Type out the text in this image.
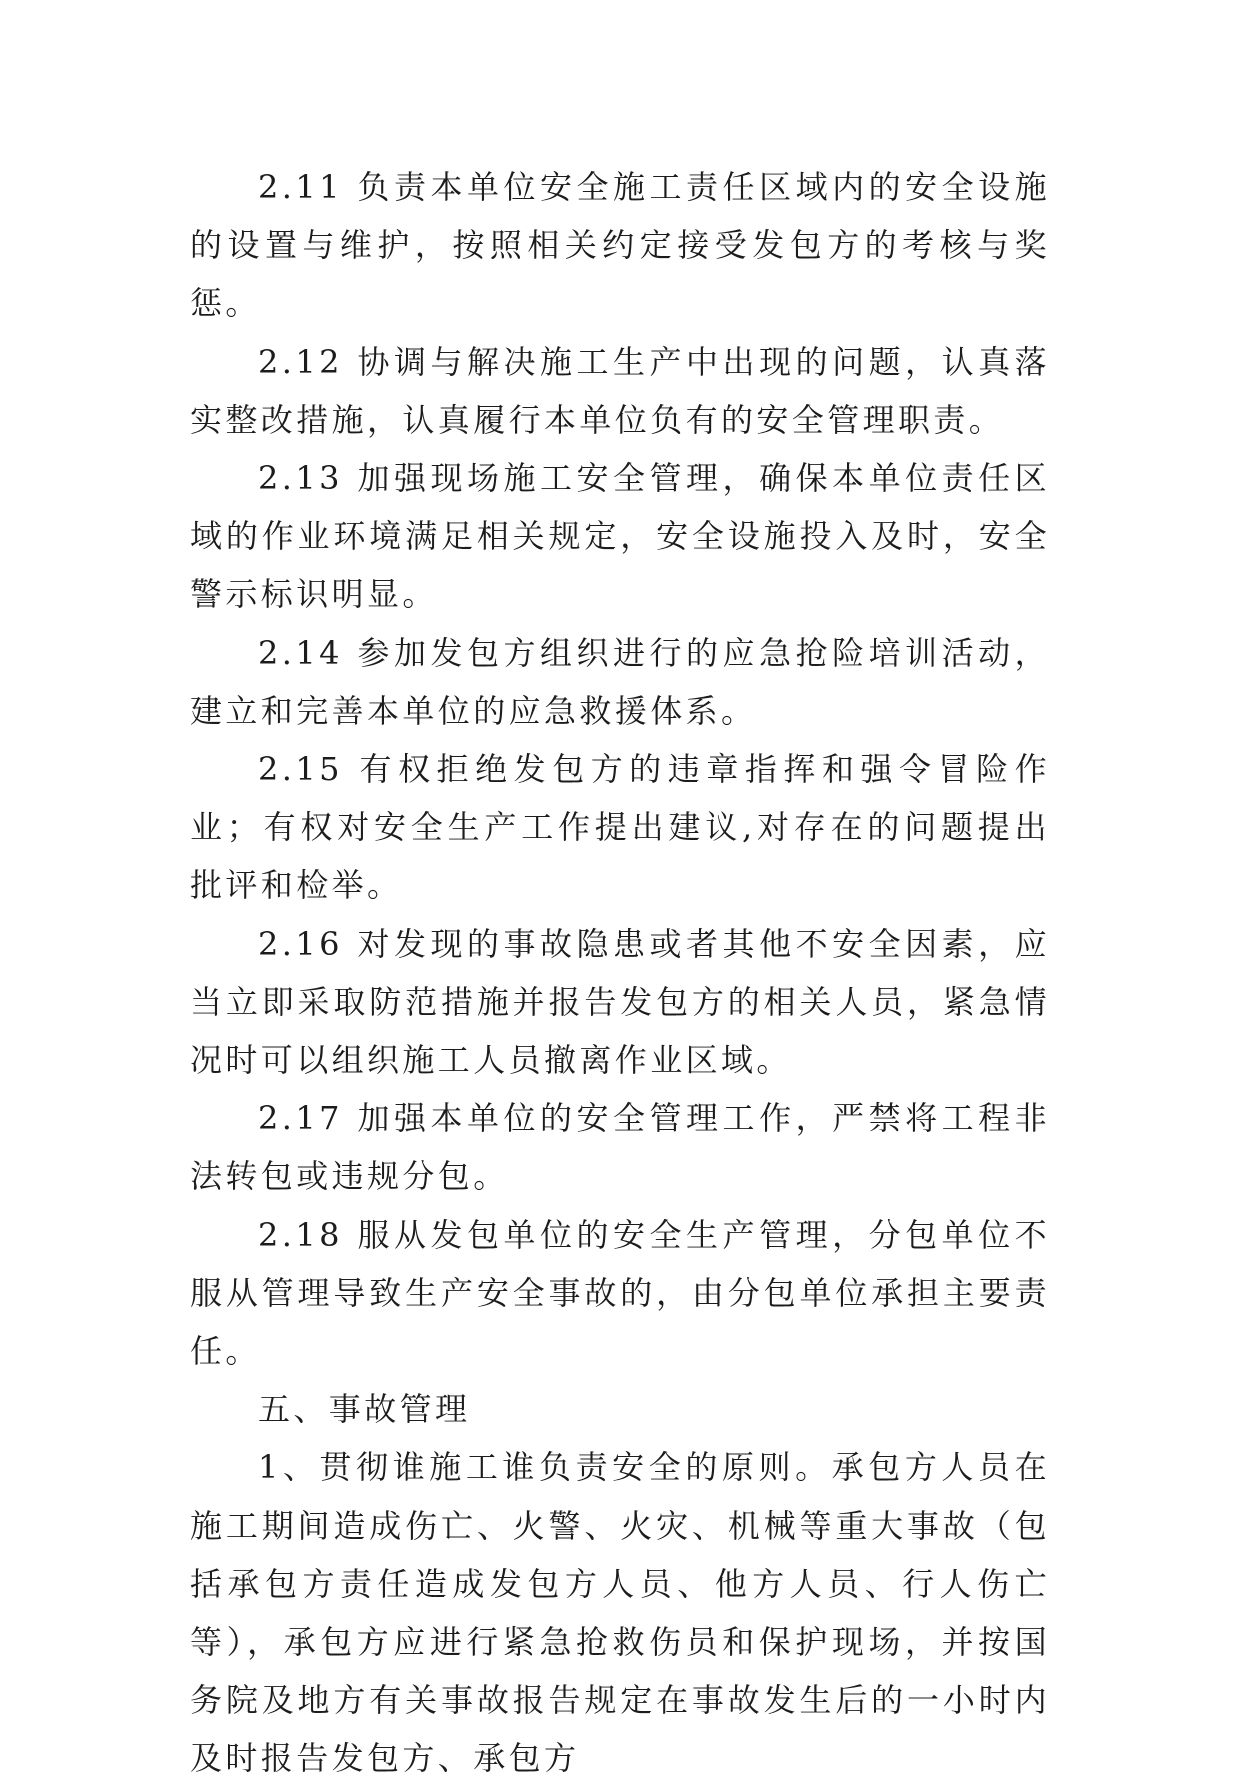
2.11 负责本单位安全施工责任区域内的安全设施的设置与维护，按照相关约定接受发包方的考核与奖惩。

2.12 协调与解决施工生产中出现的问题，认真落实整改措施，认真履行本单位负有的安全管理职责。

2.13 加强现场施工安全管理，确保本单位责任区域的作业环境满足相关规定，安全设施投入及时，安全警示标识明显。

2.14 参加发包方组织进行的应急抢险培训活动，建立和完善本单位的应急救援体系。

2.15 有权拒绝发包方的违章指挥和强令冒险作业；有权对安全生产工作提出建议,对存在的问题提出批评和检举。

2.16 对发现的事故隐患或者其他不安全因素，应当立即采取防范措施并报告发包方的相关人员，紧急情况时可以组织施工人员撤离作业区域。

2.17 加强本单位的安全管理工作，严禁将工程非法转包或违规分包。

2.18 服从发包单位的安全生产管理，分包单位不服从管理导致生产安全事故的，由分包单位承担主要责任。

五、事故管理

1、贯彻谁施工谁负责安全的原则。承包方人员在施工期间造成伤亡、火警、火灾、机械等重大事故（包括承包方责任造成发包方人员、他方人员、行人伤亡等），承包方应进行紧急抢救伤员和保护现场，并按国务院及地方有关事故报告规定在事故发生后的一小时内及时报告发包方、承包方
